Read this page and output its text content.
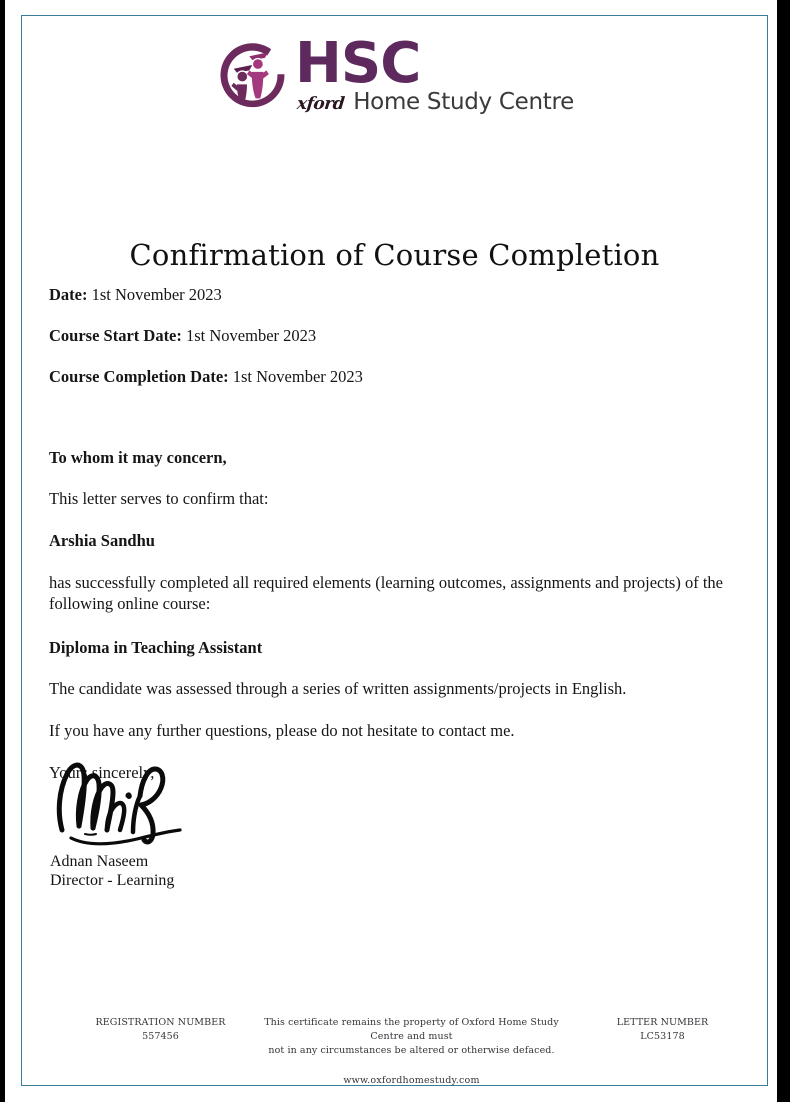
HSC
xford Home Study Centre
Confirmation of Course Completion

Date: 1st November 2023

Course Start Date: 1st November 2023

Course Completion Date: 1st November 2023

To whom it may concern,

This letter serves to confirm that:

Arshia Sandhu

has successfully completed all required elements (learning outcomes, assignments and projects) of the following online course:

Diploma in Teaching Assistant

The candidate was assessed through a series of written assignments/projects in English.

If you have any further questions, please do not hesitate to contact me.

Yours sincerely,

Adnan Naseem

Director - Learning

REGISTRATION NUMBER
557456
This certificate remains the property of Oxford Home Study Centre and must
not in any circumstances be altered or otherwise defaced.
LETTER NUMBER
LC53178
www.oxfordhomestudy.com
